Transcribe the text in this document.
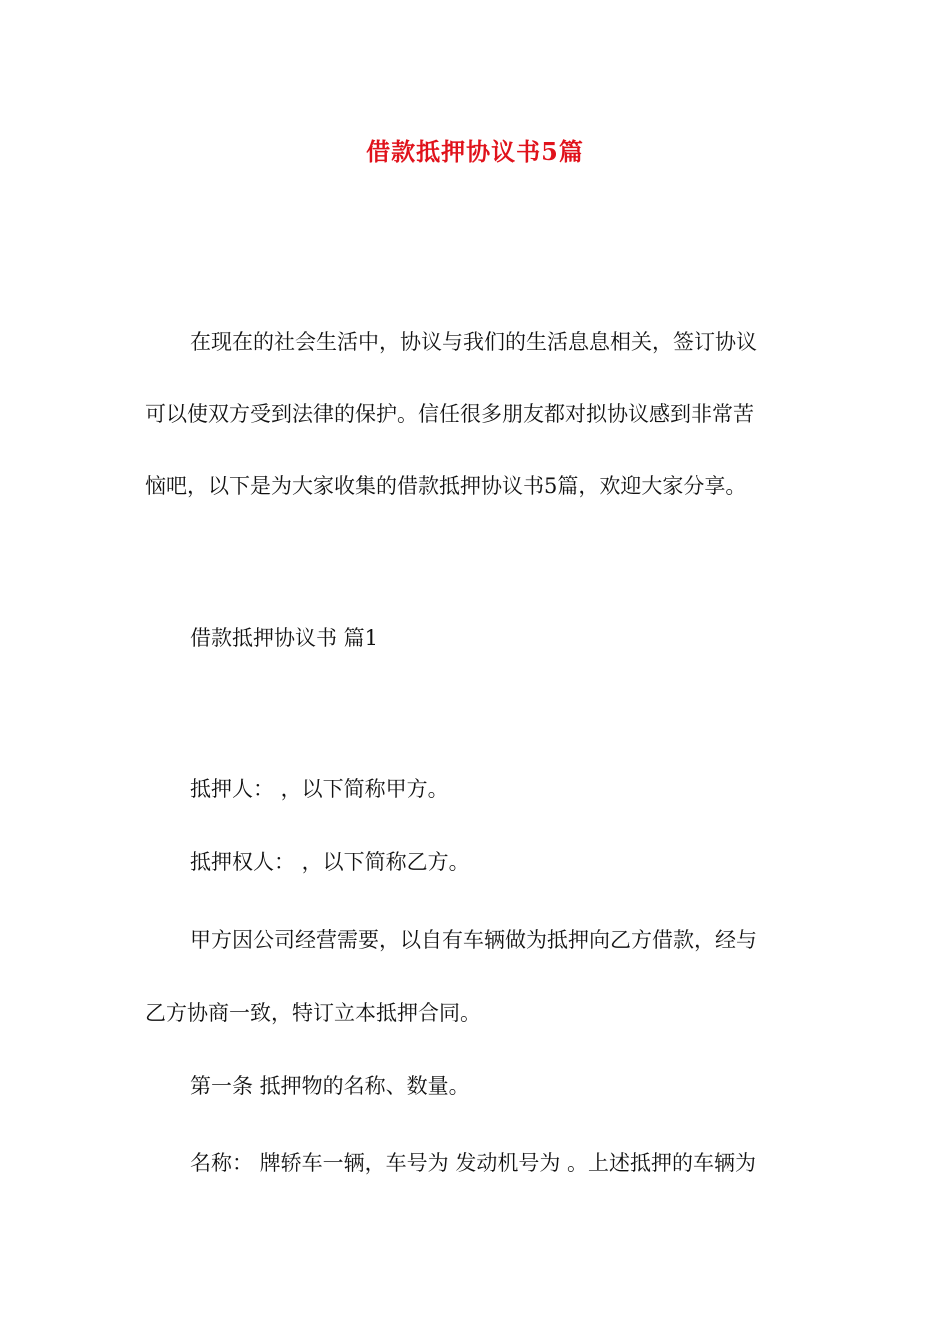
借款抵押协议书5篇
在现在的社会生活中，协议与我们的生活息息相关，签订协议
可以使双方受到法律的保护。信任很多朋友都对拟协议感到非常苦
恼吧，以下是为大家收集的借款抵押协议书5篇，欢迎大家分享。
借款抵押协议书 篇1
抵押人： ，以下简称甲方。
抵押权人： ，以下简称乙方。
甲方因公司经营需要，以自有车辆做为抵押向乙方借款，经与
乙方协商一致，特订立本抵押合同。
第一条 抵押物的名称、数量。
名称： 牌轿车一辆，车号为 发动机号为 。上述抵押的车辆为
